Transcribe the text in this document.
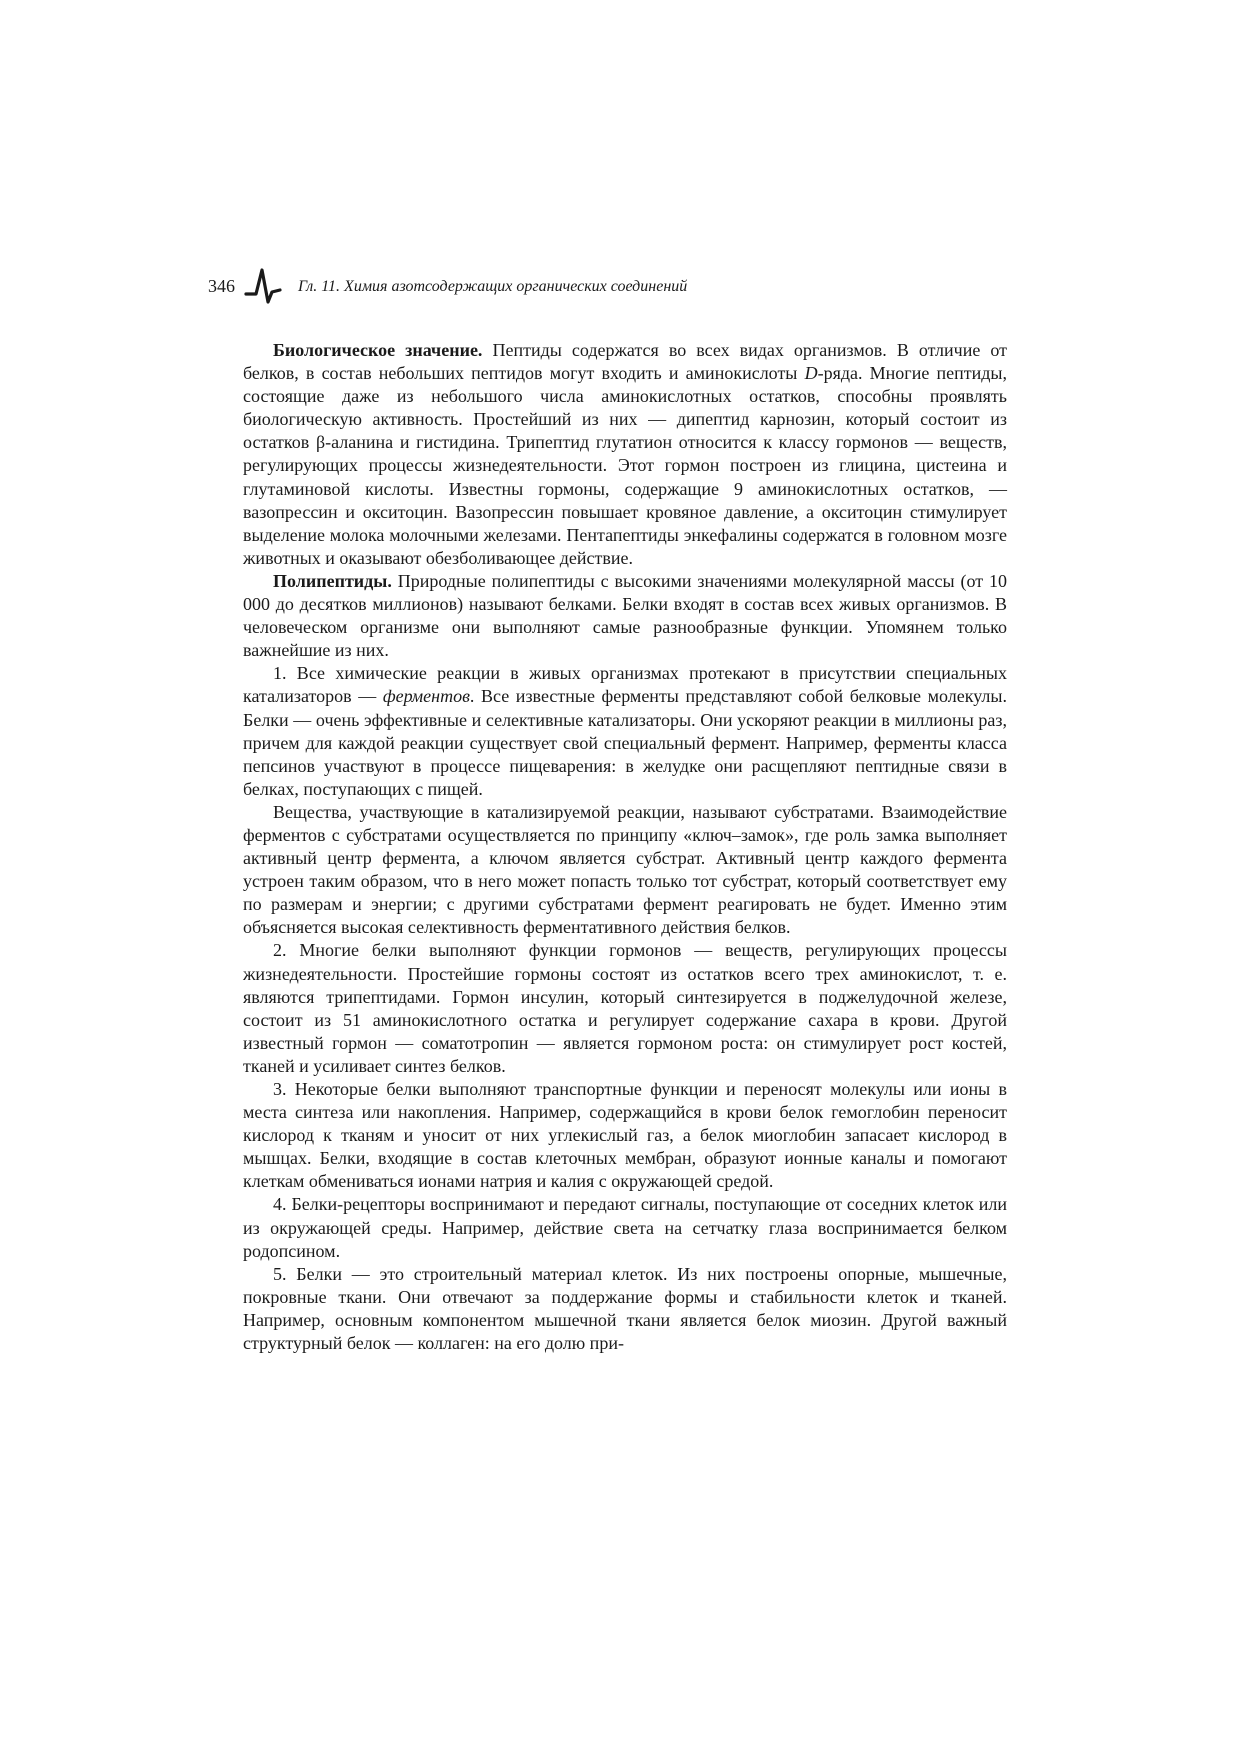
346	Гл. 11. Химия азотсодержащих органических соединений

Биологическое значение. Пептиды содержатся во всех видах организмов. В отличие от белков, в состав небольших пептидов могут входить и аминокислоты D-ряда. Многие пептиды, состоящие даже из небольшого числа аминокислотных остатков, способны проявлять биологическую активность. Простейший из них — дипептид карнозин, который состоит из остатков β-аланина и гистидина. Трипептид глутатион относится к классу гормонов — веществ, регулирующих процессы жизнедеятельности. Этот гормон построен из глицина, цистеина и глутаминовой кислоты. Известны гормоны, содержащие 9 аминокислотных остатков, — вазопрессин и окситоцин. Вазопрессин повышает кровяное давление, а окситоцин стимулирует выделение молока молочными железами. Пентапептиды энкефалины содержатся в головном мозге животных и оказывают обезболивающее действие.

Полипептиды. Природные полипептиды с высокими значениями молекулярной массы (от 10 000 до десятков миллионов) называют белками. Белки входят в состав всех живых организмов. В человеческом организме они выполняют самые разнообразные функции. Упомянем только важнейшие из них.

1. Все химические реакции в живых организмах протекают в присутствии специальных катализаторов — ферментов. Все известные ферменты представляют собой белковые молекулы. Белки — очень эффективные и селективные катализаторы. Они ускоряют реакции в миллионы раз, причем для каждой реакции существует свой специальный фермент. Например, ферменты класса пепсинов участвуют в процессе пищеварения: в желудке они расщепляют пептидные связи в белках, поступающих с пищей.

Вещества, участвующие в катализируемой реакции, называют субстратами. Взаимодействие ферментов с субстратами осуществляется по принципу «ключ–замок», где роль замка выполняет активный центр фермента, а ключом является субстрат. Активный центр каждого фермента устроен таким образом, что в него может попасть только тот субстрат, который соответствует ему по размерам и энергии; с другими субстратами фермент реагировать не будет. Именно этим объясняется высокая селективность ферментативного действия белков.

2. Многие белки выполняют функции гормонов — веществ, регулирующих процессы жизнедеятельности. Простейшие гормоны состоят из остатков всего трех аминокислот, т. е. являются трипептидами. Гормон инсулин, который синтезируется в поджелудочной железе, состоит из 51 аминокислотного остатка и регулирует содержание сахара в крови. Другой известный гормон — соматотропин — является гормоном роста: он стимулирует рост костей, тканей и усиливает синтез белков.

3. Некоторые белки выполняют транспортные функции и переносят молекулы или ионы в места синтеза или накопления. Например, содержащийся в крови белок гемоглобин переносит кислород к тканям и уносит от них углекислый газ, а белок миоглобин запасает кислород в мышцах. Белки, входящие в состав клеточных мембран, образуют ионные каналы и помогают клеткам обмениваться ионами натрия и калия с окружающей средой.

4. Белки-рецепторы воспринимают и передают сигналы, поступающие от соседних клеток или из окружающей среды. Например, действие света на сетчатку глаза воспринимается белком родопсином.

5. Белки — это строительный материал клеток. Из них построены опорные, мышечные, покровные ткани. Они отвечают за поддержание формы и стабильности клеток и тканей. Например, основным компонентом мышечной ткани является белок миозин. Другой важный структурный белок — коллаген: на его долю при-
